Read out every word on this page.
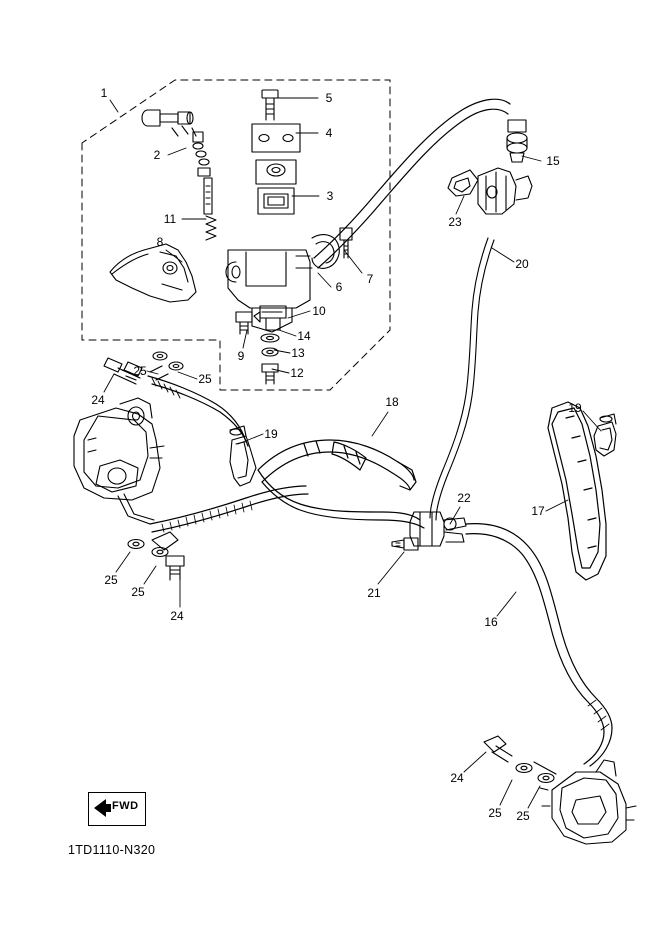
FWD
1TD1110-N320
1	5
4
2	15
3
11	23
8
7
6
20
10
14
13
9
12
25
24
25
18
19
19
17
22
21
25
25
24	16
24
25 25
